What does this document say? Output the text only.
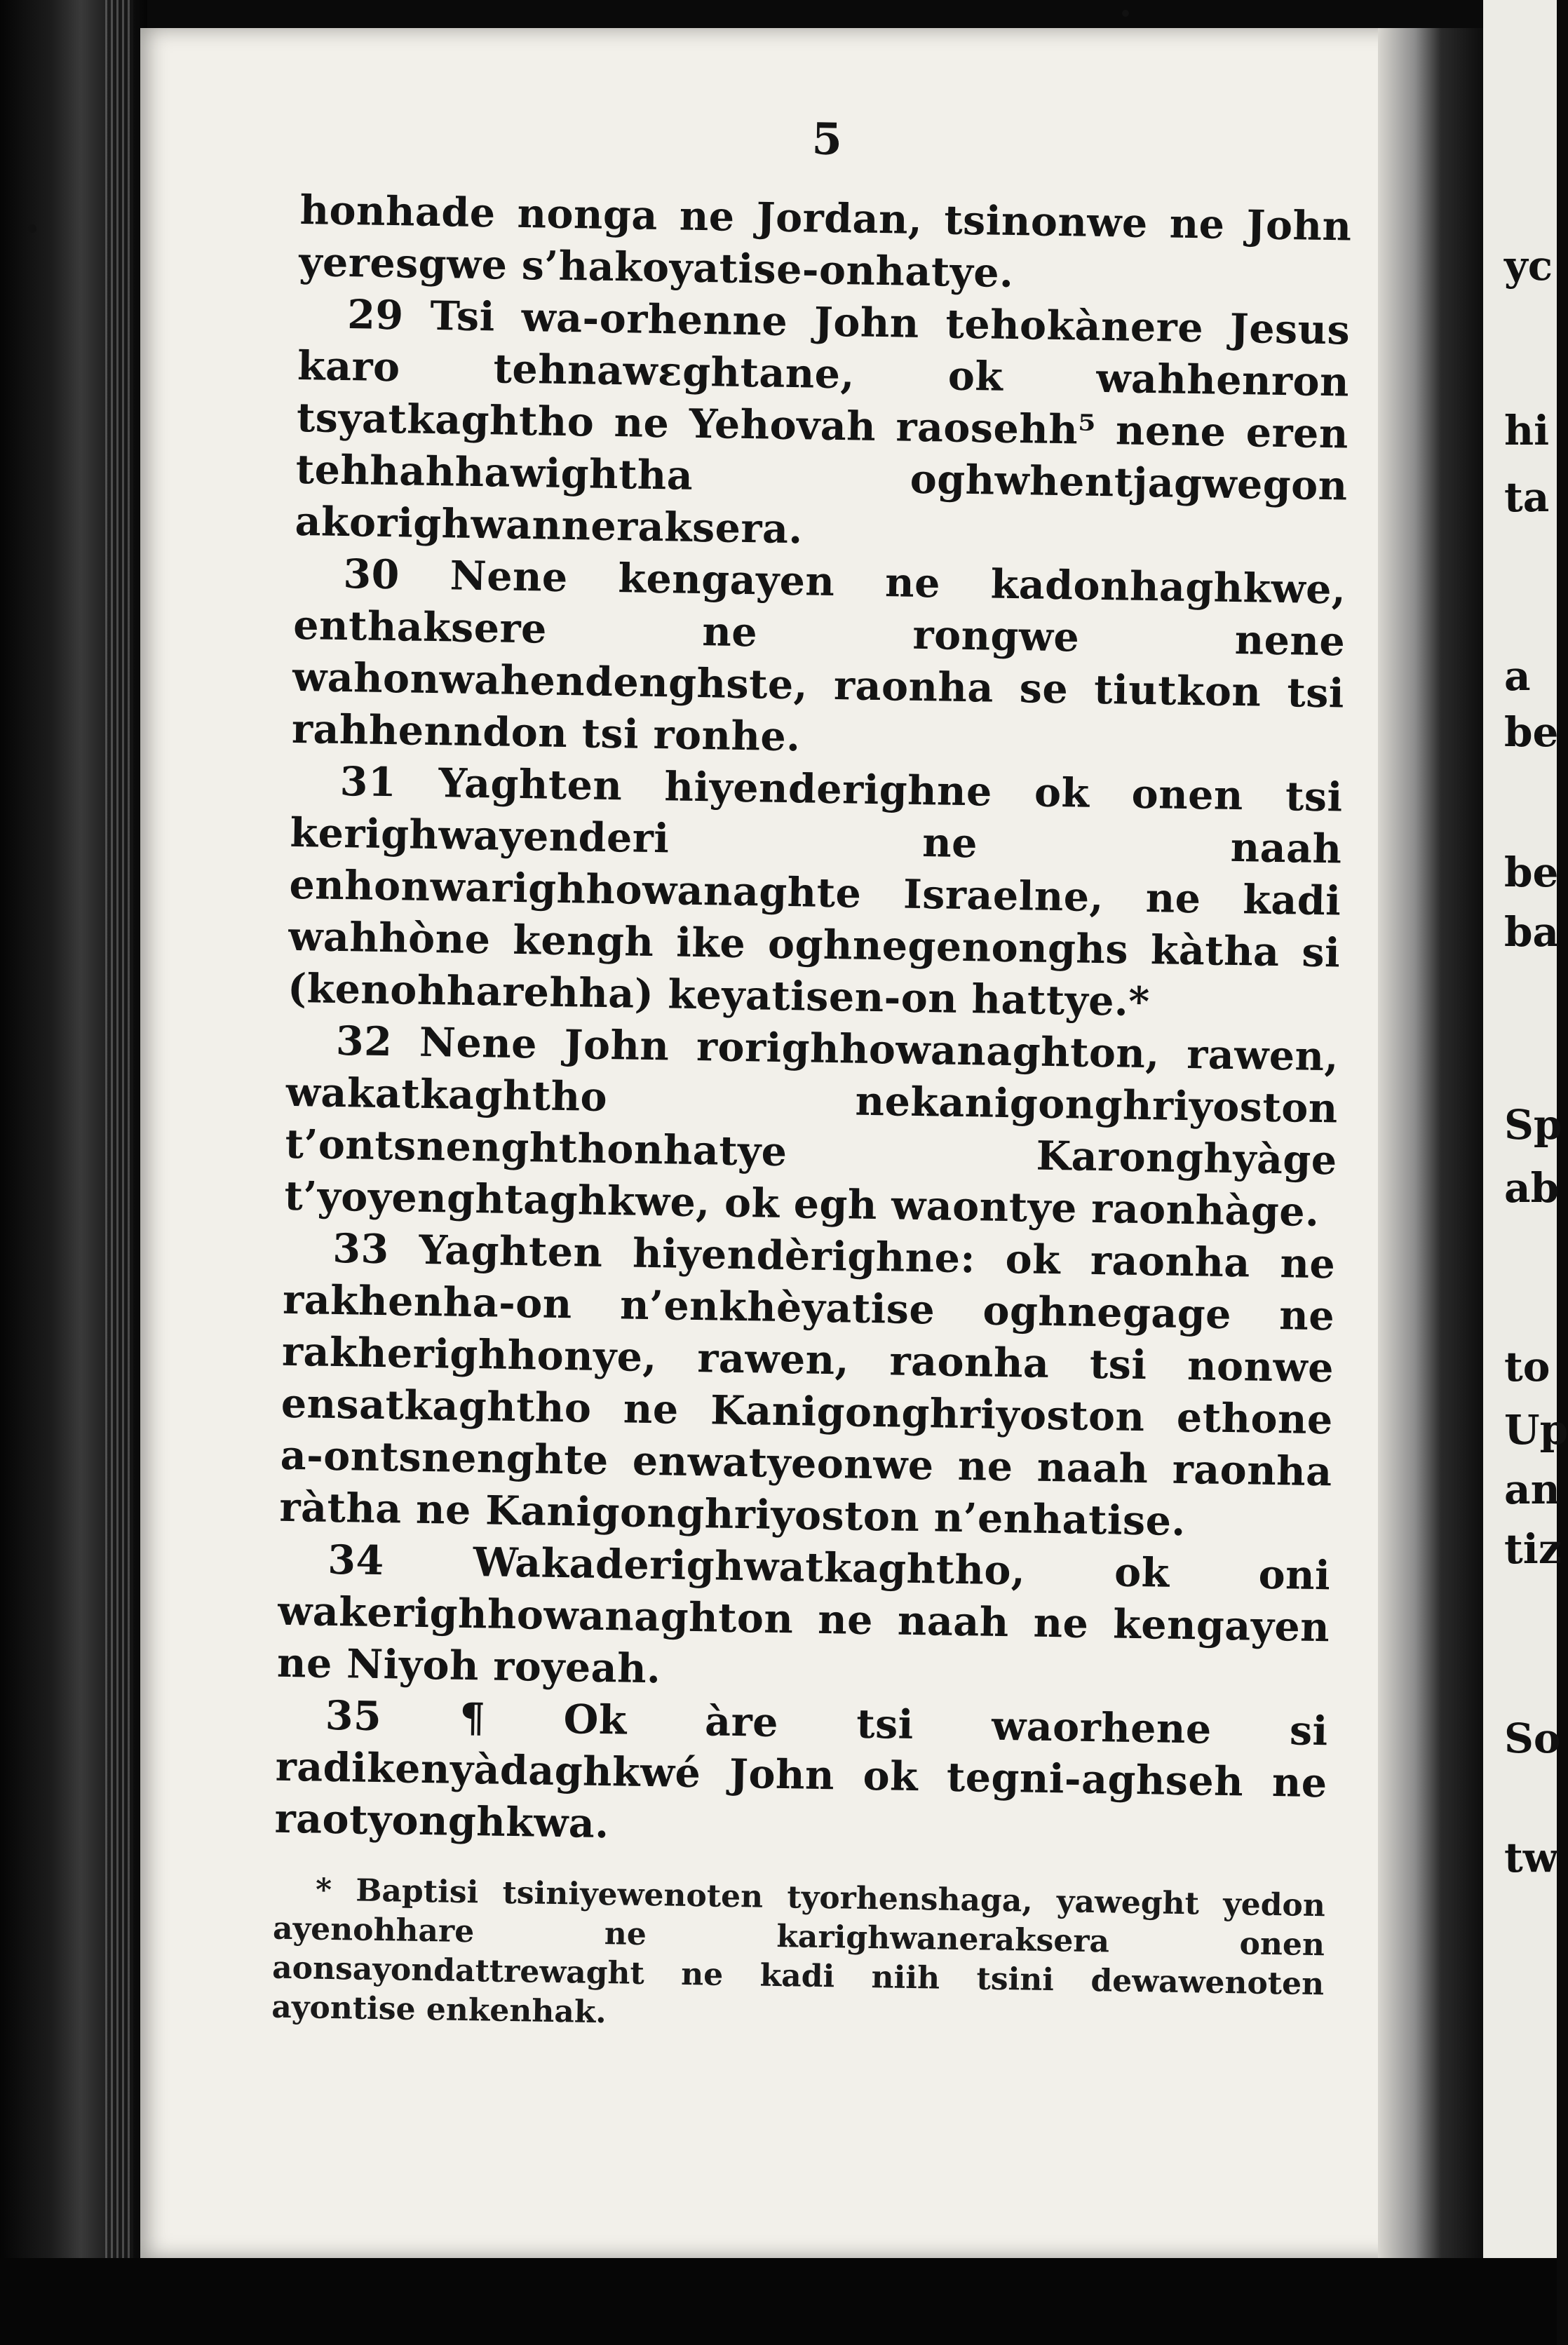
yc
hi
ta
a
be
be
ba
Sp
ab
to
Up
an
tiz
So
tw
5

honhade nonga ne Jordan, tsinonwe ne John yeresgwe s’hakoyatise-onhatye.

29 Tsi wa-orhenne John tehokànere Jesus karo tehnawεghtane, ok wahhenron tsyatkaghtho ne Yehovah raosehh⁵ nene eren tehhahhawightha oghwhentjagwegon akorighwanneraksera.

30 Nene kengayen ne kadonhaghkwe, enthaksere ne rongwe nene wahonwahendenghste, raonha se tiutkon tsi rahhenndon tsi ronhe.

31 Yaghten hiyenderighne ok onen tsi kerighwayenderi ne naah enhonwarighhowanaghte Israelne, ne kadi wahhòne kengh ike oghnegenonghs kàtha si (kenohharehha) keyatisen-on hattye.*

32 Nene John rorighhowanaghton, rawen, wakatkaghtho nekanigonghriyoston t’ontsnenghthonhatye Karonghyàge t’yoyenghtaghkwe, ok egh waontye raonhàge.

33 Yaghten hiyendèrighne: ok raonha ne rakhenha-on n’enkhèyatise oghnegage ne rakherighhonye, rawen, raonha tsi nonwe ensatkaghtho ne Kanigonghriyoston ethone a-ontsnenghte enwatyeonwe ne naah raonha ràtha ne Kanigonghriyoston n’enhatise.

34 Wakaderighwatkaghtho, ok oni wakerighhowanaghton ne naah ne kengayen ne Niyoh royeah.

35 ¶ Ok àre tsi waorhene si radikenyàdaghkwé John ok tegni-aghseh ne raotyonghkwa.

* Baptisi tsiniyewenoten tyorhenshaga, yaweght yedon ayenohhare ne karighwaneraksera onen aonsayondattrewaght ne kadi niih tsini dewawenoten ayontise enkenhak.
